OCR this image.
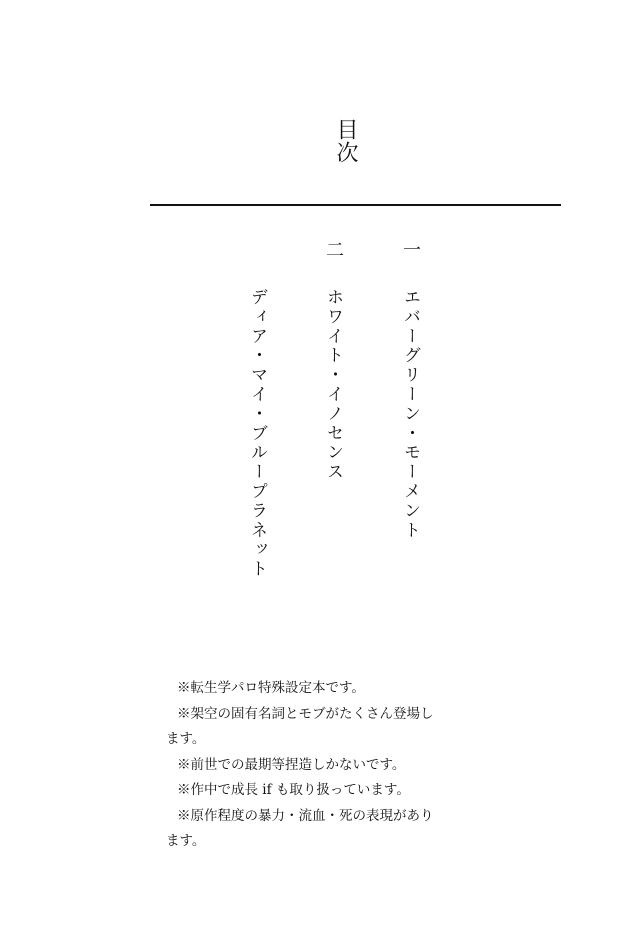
目次
一
エバーグリーン・モーメント
二
ホワイト・イノセンス
ディア・マイ・ブループラネット
※転生学パロ特殊設定本です。
※架空の固有名詞とモブがたくさん登場し
ます。
※前世での最期等捏造しかないです。
※作中で成長 if も取り扱っています。
※原作程度の暴力・流血・死の表現があり
ます。
